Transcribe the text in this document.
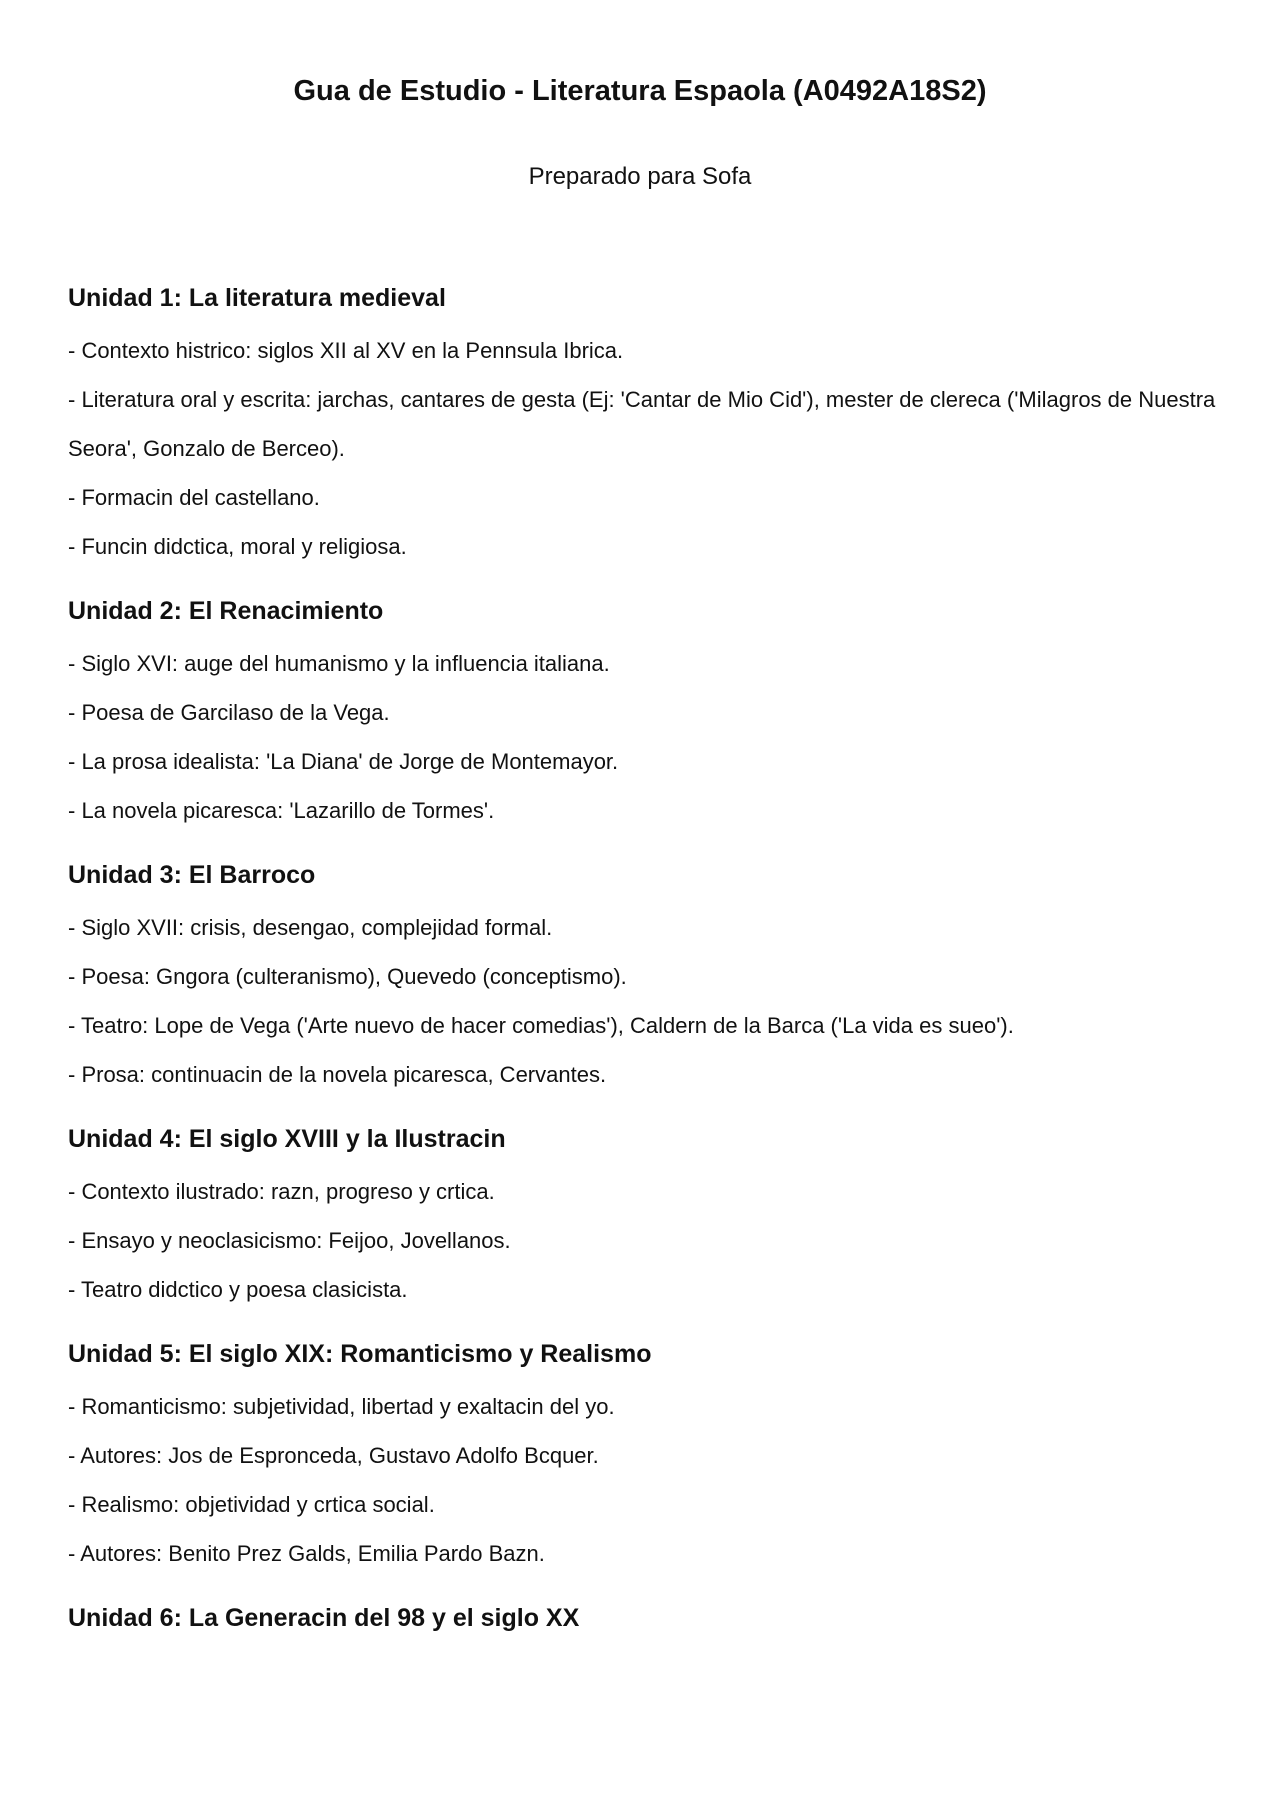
Gua de Estudio - Literatura Espaola (A0492A18S2)

Preparado para Sofa

Unidad 1: La literatura medieval
- Contexto histrico: siglos XII al XV en la Pennsula Ibrica.
- Literatura oral y escrita: jarchas, cantares de gesta (Ej: 'Cantar de Mio Cid'), mester de clereca ('Milagros de Nuestra Seora', Gonzalo de Berceo).
- Formacin del castellano.
- Funcin didctica, moral y religiosa.
Unidad 2: El Renacimiento
- Siglo XVI: auge del humanismo y la influencia italiana.
- Poesa de Garcilaso de la Vega.
- La prosa idealista: 'La Diana' de Jorge de Montemayor.
- La novela picaresca: 'Lazarillo de Tormes'.
Unidad 3: El Barroco
- Siglo XVII: crisis, desengao, complejidad formal.
- Poesa: Gngora (culteranismo), Quevedo (conceptismo).
- Teatro: Lope de Vega ('Arte nuevo de hacer comedias'), Caldern de la Barca ('La vida es sueo').
- Prosa: continuacin de la novela picaresca, Cervantes.
Unidad 4: El siglo XVIII y la Ilustracin
- Contexto ilustrado: razn, progreso y crtica.
- Ensayo y neoclasicismo: Feijoo, Jovellanos.
- Teatro didctico y poesa clasicista.
Unidad 5: El siglo XIX: Romanticismo y Realismo
- Romanticismo: subjetividad, libertad y exaltacin del yo.
- Autores: Jos de Espronceda, Gustavo Adolfo Bcquer.
- Realismo: objetividad y crtica social.
- Autores: Benito Prez Galds, Emilia Pardo Bazn.
Unidad 6: La Generacin del 98 y el siglo XX
